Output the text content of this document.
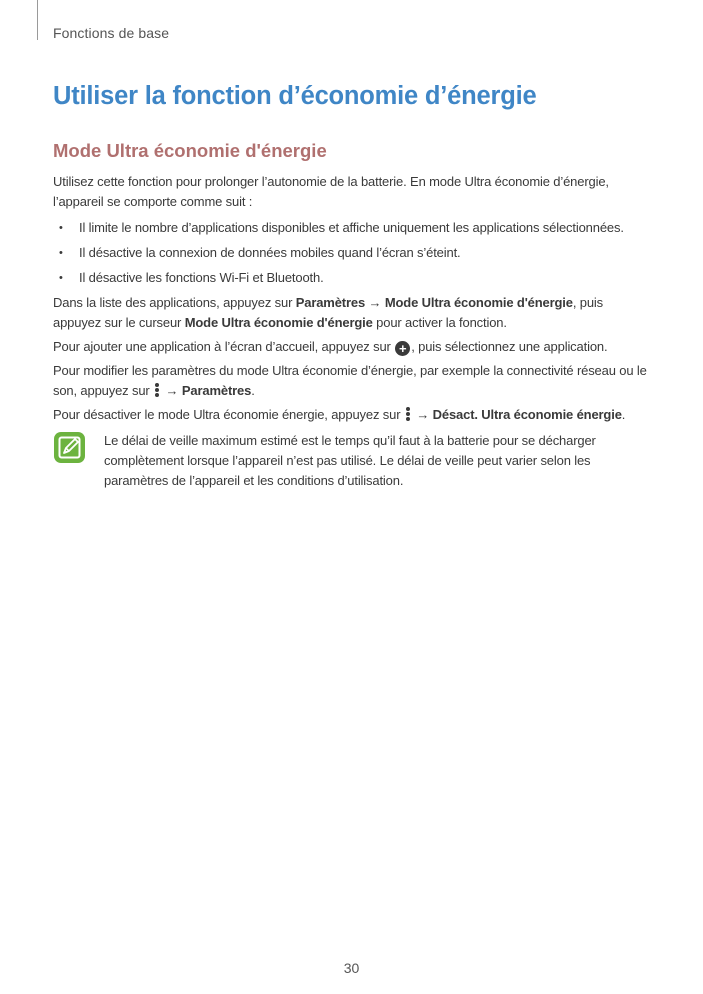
Fonctions de base
Utiliser la fonction d’économie d’énergie
Mode Ultra économie d'énergie

Utilisez cette fonction pour prolonger l’autonomie de la batterie. En mode Ultra économie d’énergie, l’appareil se comporte comme suit :

• Il limite le nombre d’applications disponibles et affiche uniquement les applications sélectionnées.
• Il désactive la connexion de données mobiles quand l’écran s’éteint.
• Il désactive les fonctions Wi-Fi et Bluetooth.

Dans la liste des applications, appuyez sur Paramètres → Mode Ultra économie d'énergie, puis appuyez sur le curseur Mode Ultra économie d'énergie pour activer la fonction.

Pour ajouter une application à l’écran d’accueil, appuyez sur + , puis sélectionnez une application.

Pour modifier les paramètres du mode Ultra économie d’énergie, par exemple la connectivité réseau ou le son, appuyez sur
→ Paramètres.

Pour désactiver le mode Ultra économie énergie, appuyez sur
→ Désact. Ultra économie énergie.

Le délai de veille maximum estimé est le temps qu’il faut à la batterie pour se décharger complètement lorsque l’appareil n’est pas utilisé. Le délai de veille peut varier selon les paramètres de l’appareil et les conditions d’utilisation.
30
